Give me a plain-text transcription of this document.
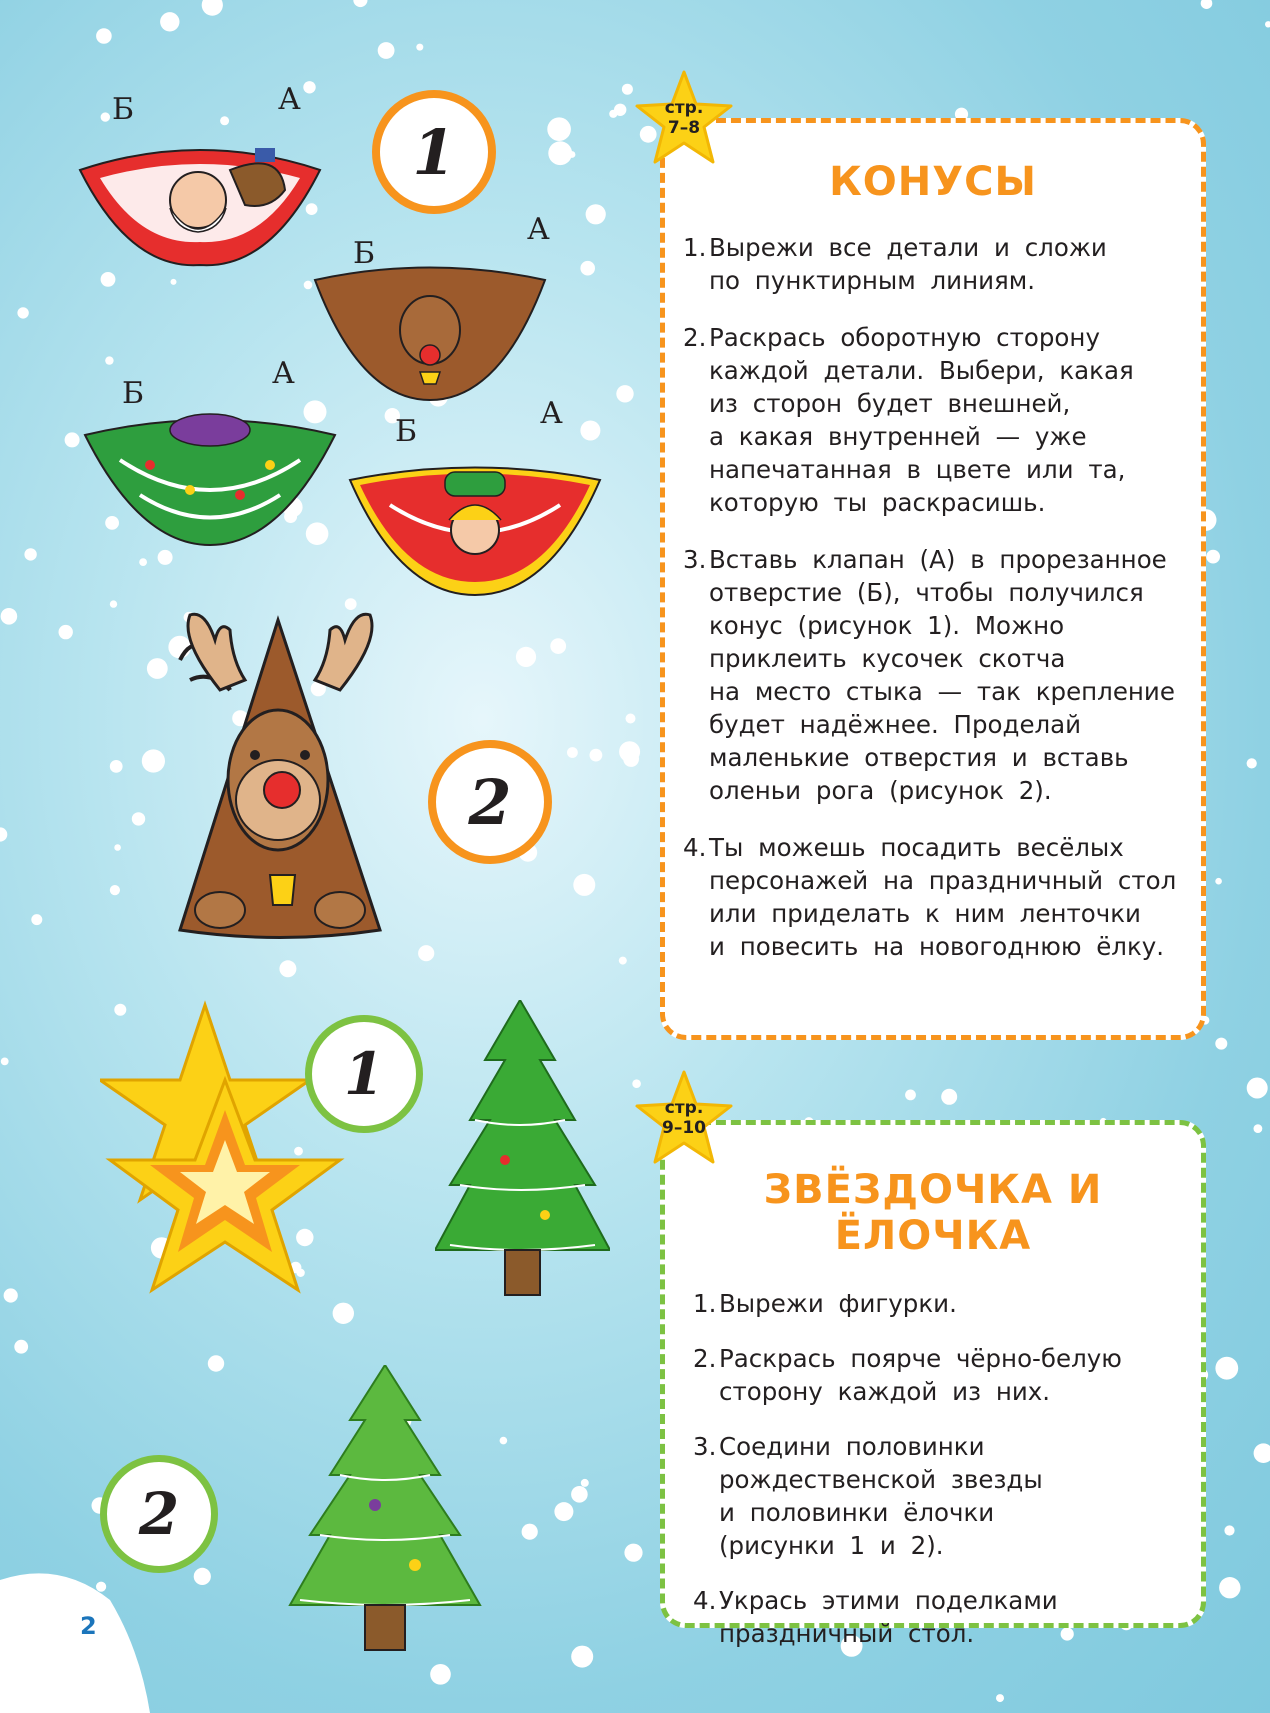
Б	А
Б
А
Б
А
Б
А
1
2
1
2
КОНУСЫ
1. Вырежи все детали и сложи
по пунктирным линиям.
2. Раскрась оборотную сторону
каждой детали. Выбери, какая
из сторон будет внешней,
а какая внутренней — уже
напечатанная в цвете или та,
которую ты раскрасишь.
3. Вставь клапан (А) в прорезанное
отверстие (Б), чтобы получился
конус (рисунок 1). Можно
приклеить кусочек скотча
на место стыка — так крепление
будет надёжнее. Проделай
маленькие отверстия и вставь
оленьи рога (рисунок 2).
4. Ты можешь посадить весёлых
персонажей на праздничный стол
или приделать к ним ленточки
и повесить на новогоднюю ёлку.
стр.
7–8
ЗВЁЗДОЧКА И ЁЛОЧКА
1. Вырежи фигурки.
2. Раскрась поярче чёрно-белую
сторону каждой из них.
3. Соедини половинки
рождественской звезды
и половинки ёлочки
(рисунки 1 и 2).
4. Укрась этими поделками
праздничный стол.
стр.
9–10
2
